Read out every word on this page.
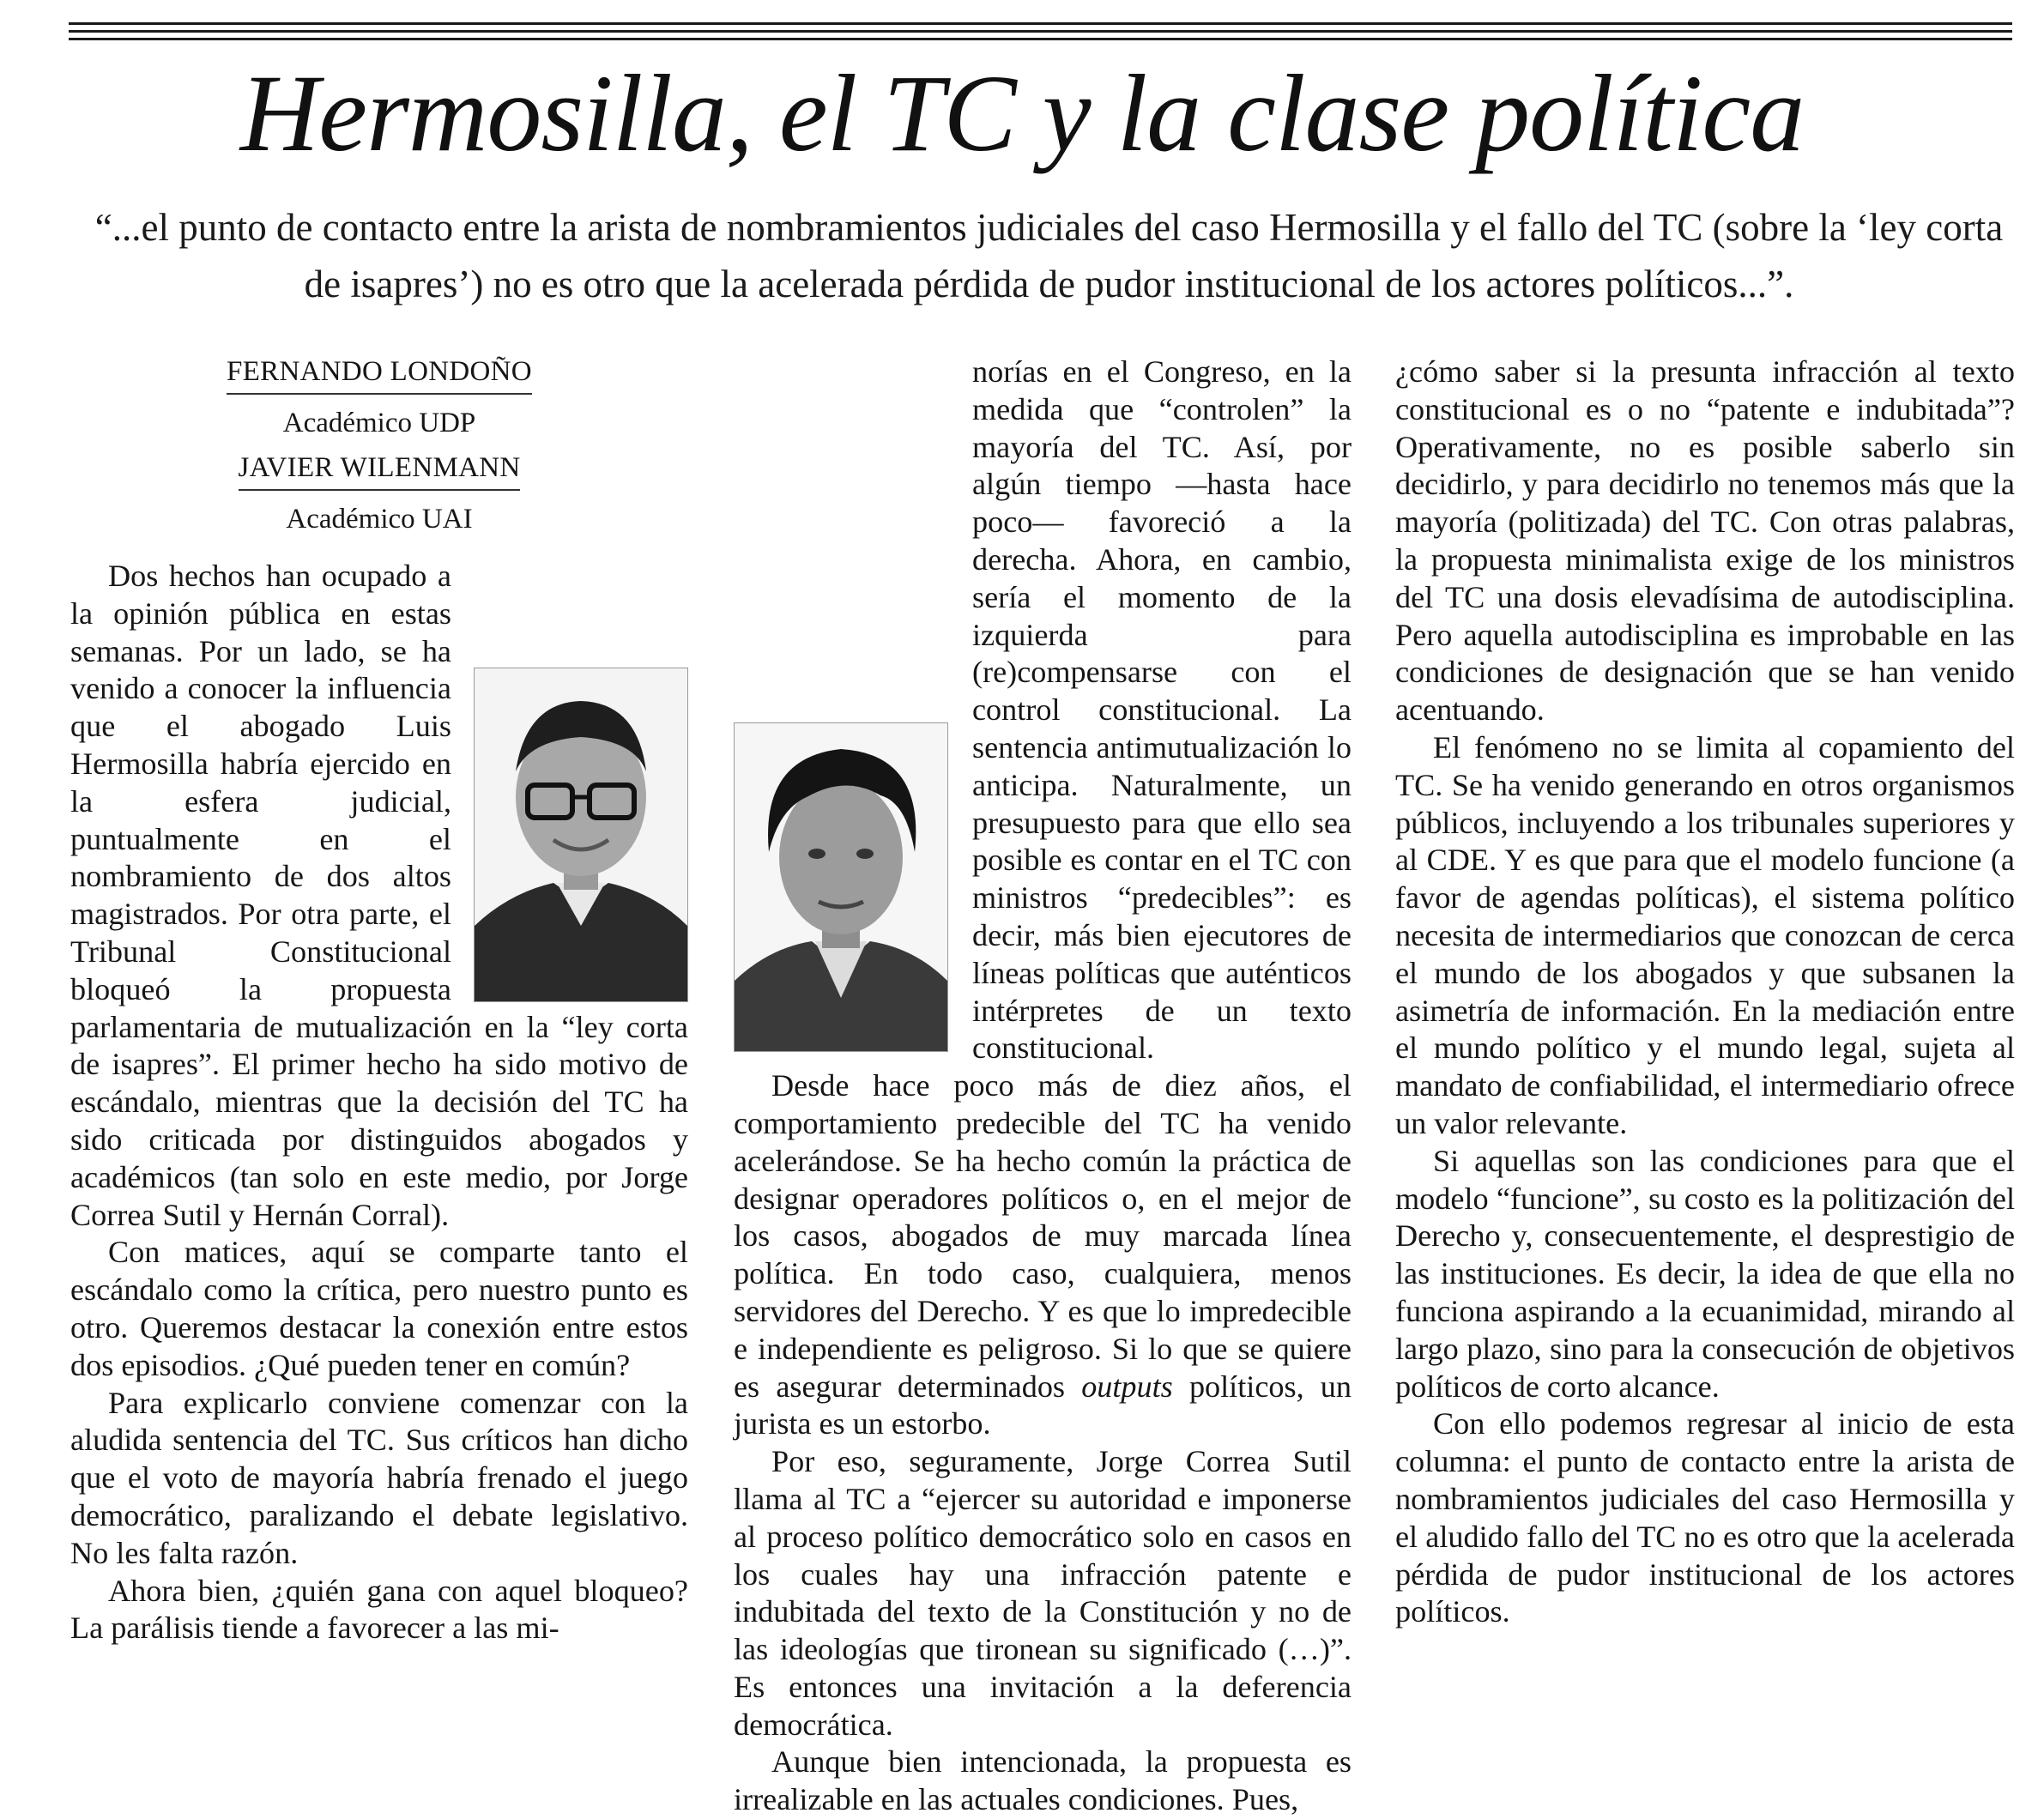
Hermosilla, el TC y la clase política

“...el punto de contacto entre la arista de nombramientos judiciales del caso Hermosilla y el fallo del TC (sobre la ‘ley corta de isapres’) no es otro que la acelerada pérdida de pudor institucional de los actores políticos...”.

FERNANDO LONDOÑO

Académico UDP

JAVIER WILENMANN

Académico UAI

Dos hechos han ocupado a la opinión pública en estas semanas. Por un lado, se ha venido a conocer la influencia que el abogado Luis Hermosilla habría ejercido en la esfera judicial, puntualmente en el nombramiento de dos altos magistrados. Por otra parte, el Tribunal Constitucional bloqueó la propuesta parlamentaria de mutualización en la “ley corta de isapres”. El primer hecho ha sido motivo de escándalo, mientras que la decisión del TC ha sido criticada por distinguidos abogados y académicos (tan solo en este medio, por Jorge Correa Sutil y Hernán Corral).

Con matices, aquí se comparte tanto el escándalo como la crítica, pero nuestro punto es otro. Queremos destacar la conexión entre estos dos episodios. ¿Qué pueden tener en común?

Para explicarlo conviene comenzar con la aludida sentencia del TC. Sus críticos han dicho que el voto de mayoría habría frenado el juego democrático, paralizando el debate legislativo. No les falta razón.

Ahora bien, ¿quién gana con aquel bloqueo? La parálisis tiende a favorecer a las mi-

norías en el Congreso, en la medida que “controlen” la mayoría del TC. Así, por algún tiempo —hasta hace poco— favoreció a la derecha. Ahora, en cambio, sería el momento de la izquierda para (re)compensarse con el control constitucional. La sentencia antimutualización lo anticipa. Naturalmente, un presupuesto para que ello sea posible es contar en el TC con ministros “predecibles”: es decir, más bien ejecutores de líneas políticas que auténticos intérpretes de un texto constitucional.

Desde hace poco más de diez años, el comportamiento predecible del TC ha venido acelerándose. Se ha hecho común la práctica de designar operadores políticos o, en el mejor de los casos, abogados de muy marcada línea política. En todo caso, cualquiera, menos servidores del Derecho. Y es que lo impredecible e independiente es peligroso. Si lo que se quiere es asegurar determinados outputs políticos, un jurista es un estorbo.

Por eso, seguramente, Jorge Correa Sutil llama al TC a “ejercer su autoridad e imponerse al proceso político democrático solo en casos en los cuales hay una infracción patente e indubitada del texto de la Constitución y no de las ideologías que tironean su significado (…)”. Es entonces una invitación a la deferencia democrática.

Aunque bien intencionada, la propuesta es irrealizable en las actuales condiciones. Pues,

¿cómo saber si la presunta infracción al texto constitucional es o no “patente e indubitada”? Operativamente, no es posible saberlo sin decidirlo, y para decidirlo no tenemos más que la mayoría (politizada) del TC. Con otras palabras, la propuesta minimalista exige de los ministros del TC una dosis elevadísima de autodisciplina. Pero aquella autodisciplina es improbable en las condiciones de designación que se han venido acentuando.

El fenómeno no se limita al copamiento del TC. Se ha venido generando en otros organismos públicos, incluyendo a los tribunales superiores y al CDE. Y es que para que el modelo funcione (a favor de agendas políticas), el sistema político necesita de intermediarios que conozcan de cerca el mundo de los abogados y que subsanen la asimetría de información. En la mediación entre el mundo político y el mundo legal, sujeta al mandato de confiabilidad, el intermediario ofrece un valor relevante.

Si aquellas son las condiciones para que el modelo “funcione”, su costo es la politización del Derecho y, consecuentemente, el desprestigio de las instituciones. Es decir, la idea de que ella no funciona aspirando a la ecuanimidad, mirando al largo plazo, sino para la consecución de objetivos políticos de corto alcance.

Con ello podemos regresar al inicio de esta columna: el punto de contacto entre la arista de nombramientos judiciales del caso Hermosilla y el aludido fallo del TC no es otro que la acelerada pérdida de pudor institucional de los actores políticos.
